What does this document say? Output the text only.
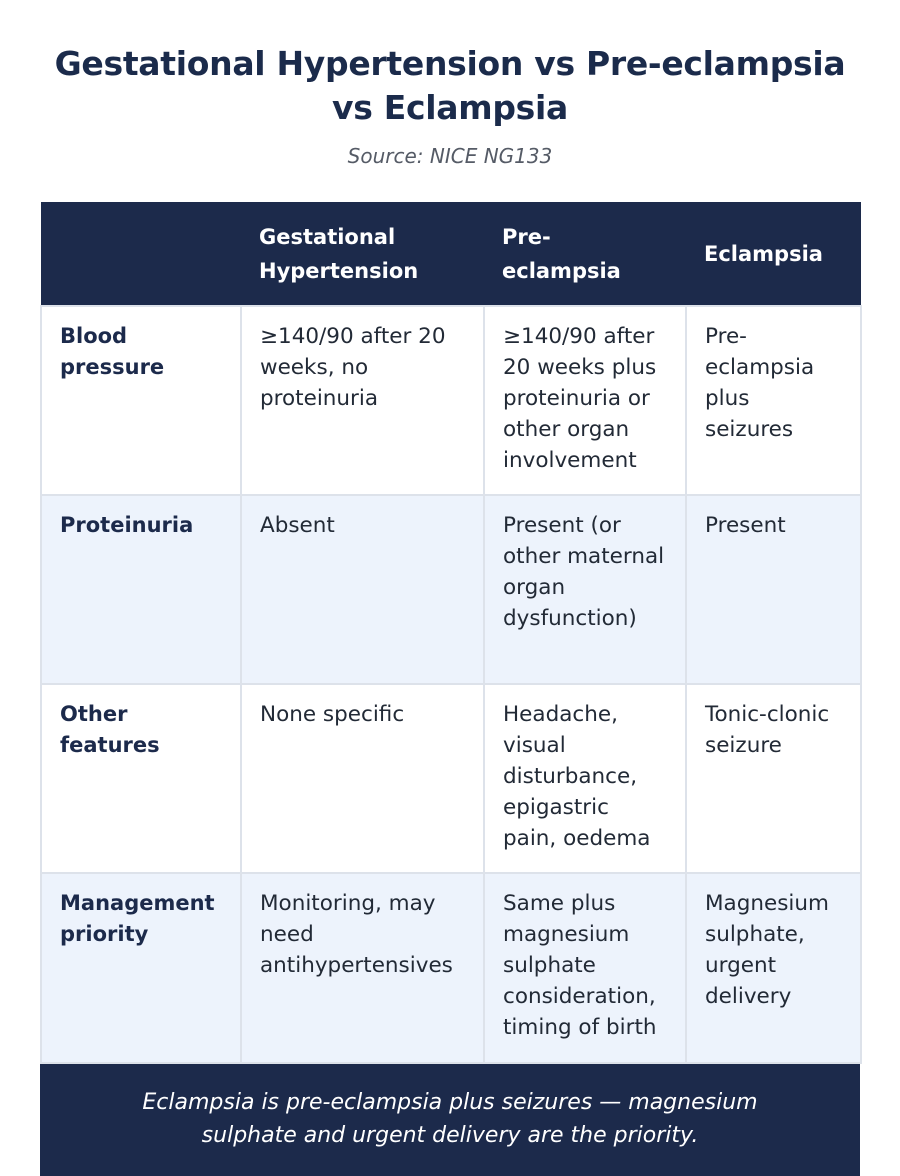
Gestational Hypertension vs Pre-eclampsia vs Eclampsia
Source: NICE NG133
	Gestational Hypertension	Pre-eclampsia	Eclampsia
Blood pressure	≥140/90 after 20 weeks, no proteinuria	≥140/90 after 20 weeks plus proteinuria or other organ involvement	Pre-eclampsia plus seizures
Proteinuria	Absent	Present (or other maternal organ dysfunction)	Present
Other features	None specific	Headache, visual disturbance, epigastric pain, oedema	Tonic-clonic seizure
Management priority	Monitoring, may need antihypertensives	Same plus magnesium sulphate consideration, timing of birth	Magnesium sulphate, urgent delivery
Eclampsia is pre-eclampsia plus seizures — magnesium sulphate and urgent delivery are the priority.
